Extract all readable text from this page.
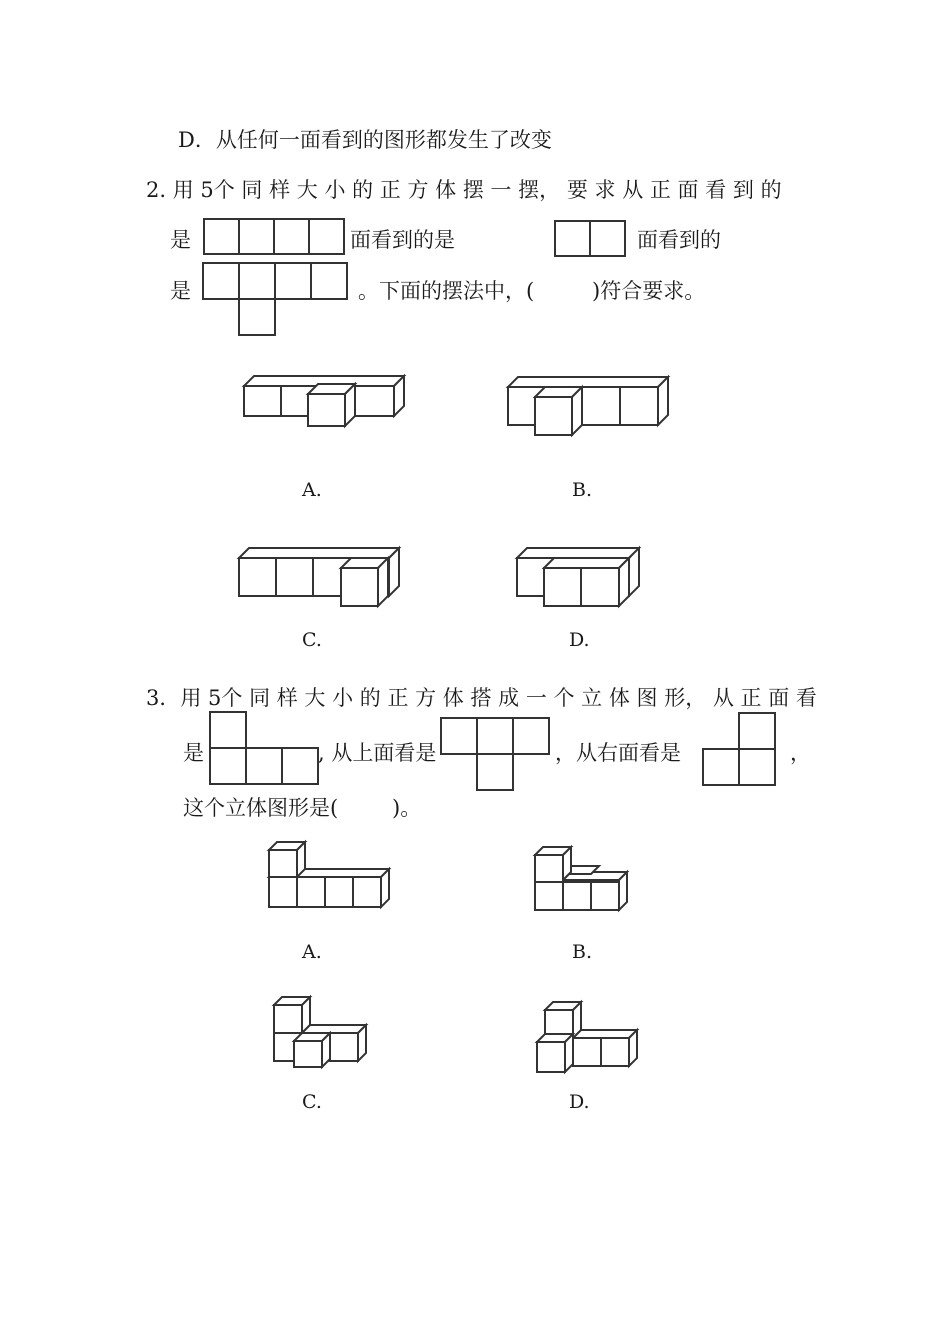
D．从任何一面看到的图形都发生了改变
2. 用 5个 同 样 大 小 的 正 方 体 摆 一 摆， 要 求 从 正 面 看 到 的
是	面看到的是	面看到的
是	。下面的摆法中，(	)符合要求。
A.	B.
C.	D.
3．用 5个 同 样 大 小 的 正 方 体 搭 成 一 个 立 体 图 形， 从 正 面 看
是	, 从上面看是	，从右面看是	，
这个立体图形是(	)。
A.	B.
C.	D.
